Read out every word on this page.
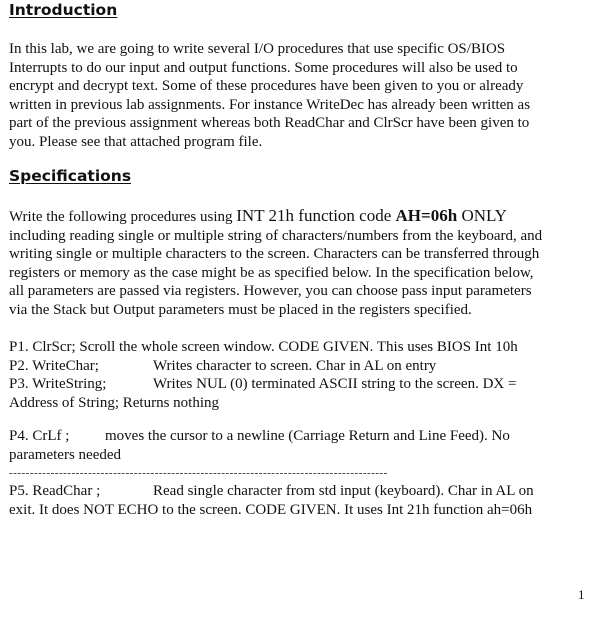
Introduction

In this lab, we are going to write several I/O procedures that use specific OS/BIOS
Interrupts to do our input and output functions. Some procedures will also be used to
encrypt and decrypt text. Some of these procedures have been given to you or already
written in previous lab assignments. For instance WriteDec has already been written as
part of the previous assignment whereas both ReadChar and ClrScr have been given to
you. Please see that attached program file.

Specifications

Write the following procedures using INT 21h function code AH=06h ONLY
including reading single or multiple string of characters/numbers from the keyboard, and
writing single or multiple characters to the screen. Characters can be transferred through
registers or memory as the case might be as specified below. In the specification below,
all parameters are passed via registers. However, you can choose pass input parameters
via the Stack but Output parameters must be placed in the registers specified.

P1. ClrScr; Scroll the whole screen window. CODE GIVEN. This uses BIOS Int 10h
P2. WriteChar;	Writes character to screen. Char in AL on entry
P3. WriteString;	Writes NUL (0) terminated ASCII string to the screen. DX =
Address of String; Returns nothing

P4. CrLf ; moves the cursor to a newline (Carriage Return and Line Feed). No
parameters needed

-------------------------------------------------------------------------------------------

P5. ReadChar ;	Read single character from std input (keyboard). Char in AL on
exit. It does NOT ECHO to the screen. CODE GIVEN. It uses Int 21h function ah=06h

1
